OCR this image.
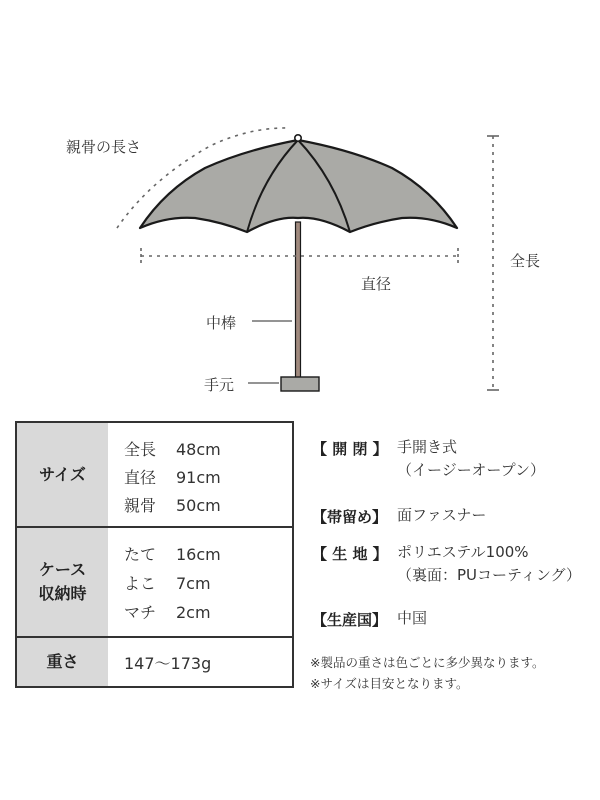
親骨の長さ
直径
全長
中棒
手元
サイズ
全長 48cm
直径 91cm
親骨 50cm
ケース
収納時
たて 16cm
よこ 7cm
マチ 2cm
重さ	147～173g
【 開 閉 】 手開き式
（イージーオープン）
【帯留め】 面ファスナー
【 生 地 】 ポリエステル100%
（裏面：PUコーティング）
【生産国】 中国
※製品の重さは色ごとに多少異なります。
※サイズは目安となります。
